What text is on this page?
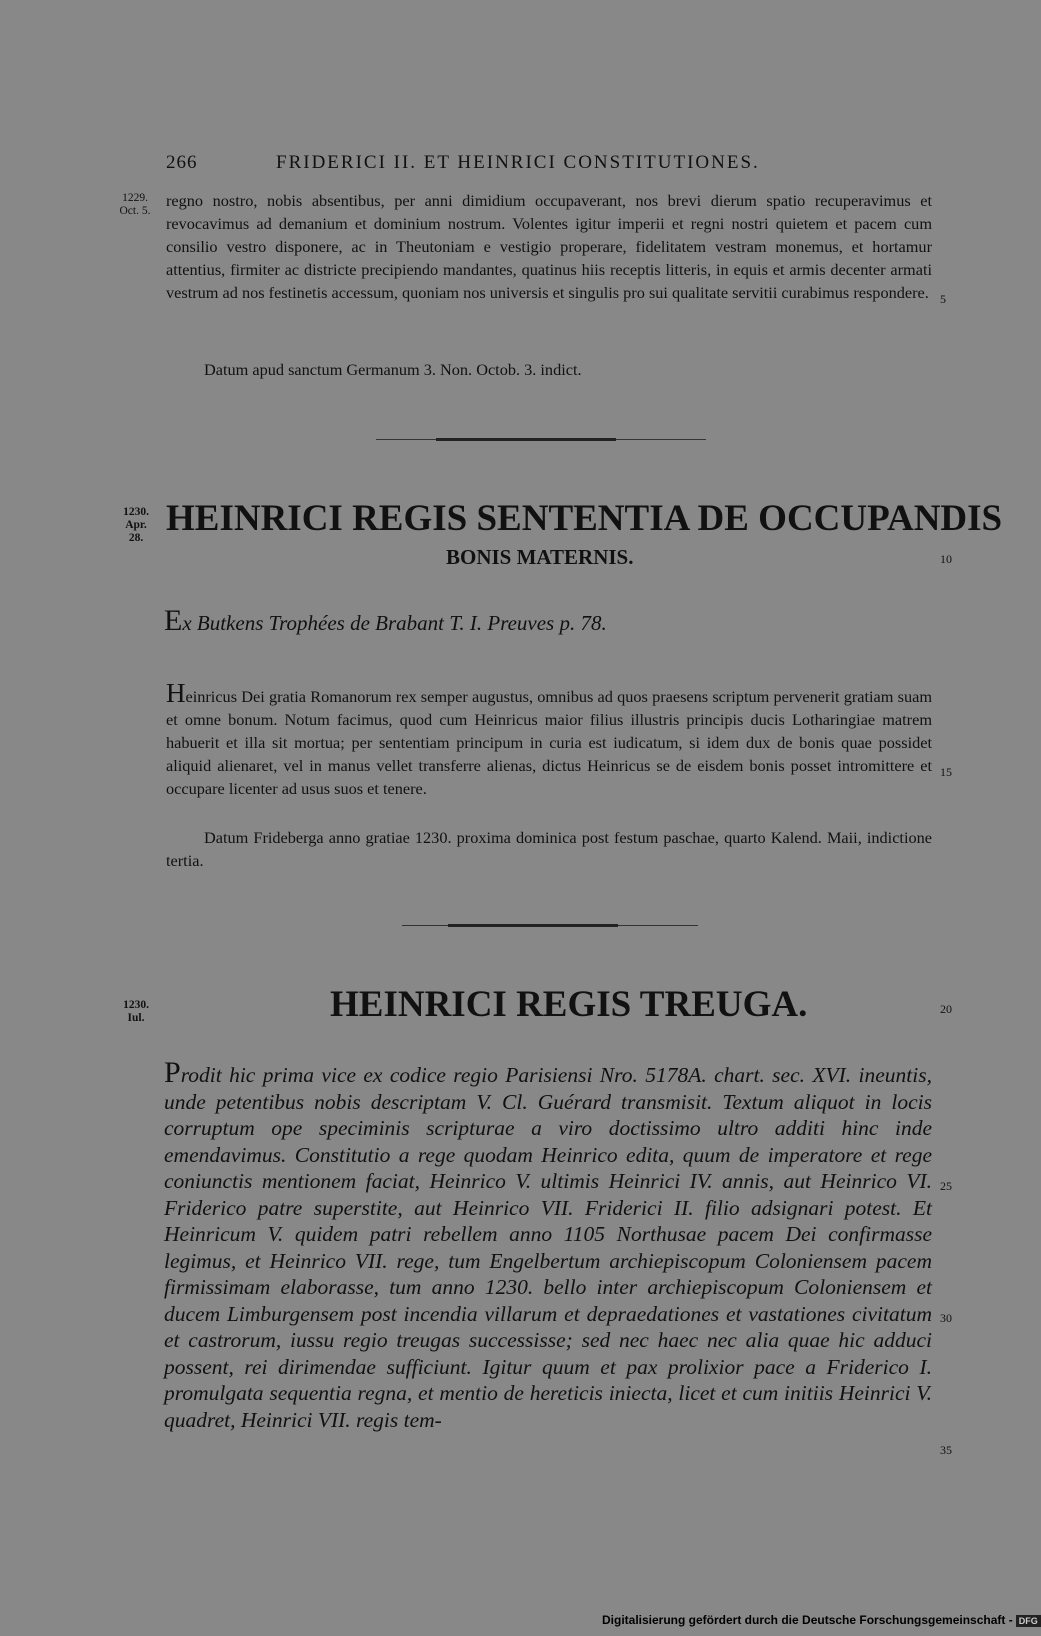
266	FRIDERICI II. ET HEINRICI CONSTITUTIONES.
1229.
Oct. 5.
regno nostro, nobis absentibus, per anni dimidium occupaverant, nos brevi dierum spatio recuperavimus et revocavimus ad demanium et dominium nostrum. Volentes igitur imperii et regni nostri quietem et pacem cum consilio vestro disponere, ac in Theutoniam e vestigio properare, fidelitatem vestram monemus, et hortamur attentius, firmiter ac districte precipiendo mandantes, quatinus hiis receptis litteris, in equis et armis decenter armati vestrum ad nos festinetis accessum, quoniam nos universis et singulis pro sui qualitate servitii curabimus respondere. 5
Datum apud sanctum Germanum 3. Non. Octob. 3. indict.
1230.
Apr.
28. HEINRICI REGIS SENTENTIA DE OCCUPANDIS
BONIS MATERNIS.	10
Ex Butkens Trophées de Brabant T. I. Preuves p. 78.
Heinricus Dei gratia Romanorum rex semper augustus, omnibus ad quos praesens scriptum pervenerit gratiam suam et omne bonum. Notum facimus, quod cum Heinricus maior filius illustris principis ducis Lotharingiae matrem habuerit et illa sit mortua; per sententiam principum in curia est iudicatum, si idem dux de bonis quae possidet aliquid alienaret, vel in manus vellet transferre alienas, dictus Heinricus se de eisdem bonis posset intromittere et occupare licenter ad usus suos et tenere.
15
Datum Frideberga anno gratiae 1230. proxima dominica post festum paschae, quarto Kalend. Maii, indictione tertia.
1230.
Iul.	HEINRICI REGIS TREUGA.	20
Prodit hic prima vice ex codice regio Parisiensi Nro. 5178A. chart. sec. XVI. ineuntis, unde petentibus nobis descriptam V. Cl. Guérard transmisit. Textum aliquot in locis corruptum ope speciminis scripturae a viro doctissimo ultro additi hinc inde emendavimus. Constitutio a rege quodam Heinrico edita, quum de imperatore et rege coniunctis mentionem faciat, Heinrico V. ultimis Heinrici IV. annis, aut Heinrico VI. Friderico patre superstite, aut Heinrico VII. Friderici II. filio adsignari potest. Et Heinricum V. quidem patri rebellem anno 1105 Northusae pacem Dei confirmasse legimus, et Heinrico VII. rege, tum Engelbertum archiepiscopum Coloniensem pacem firmissimam elaborasse, tum anno 1230. bello inter archiepiscopum Coloniensem et ducem Limburgensem post incendia villarum et depraedationes et vastationes civitatum et castrorum, iussu regio treugas successisse; sed nec haec nec alia quae hic adduci possent, rei dirimendae sufficiunt. Igitur quum et pax prolixior pace a Friderico I. promulgata sequentia regna, et mentio de hereticis iniecta, licet et cum initiis Heinrici V. quadret, Heinrici VII. regis tem-
25
30
35
Digitalisierung gefördert durch die Deutsche Forschungsgemeinschaft - DFG
